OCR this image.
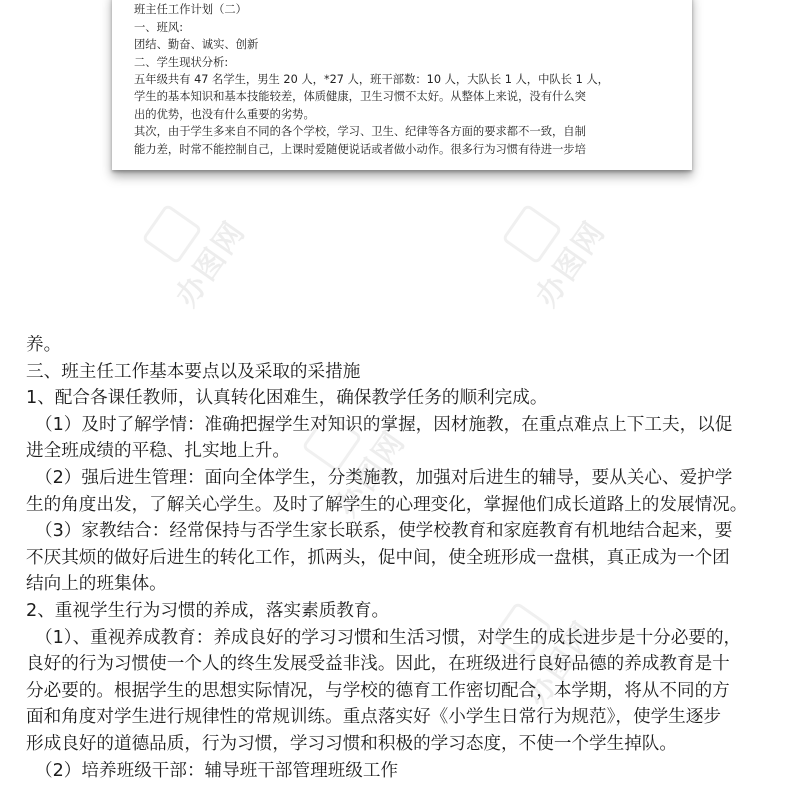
班主任工作计划（二）
一、班风:
团结、勤奋、诚实、创新
二、学生现状分析:
五年级共有 47 名学生，男生 20 人，*27 人，班干部数：10 人，大队长 1 人，中队长 1 人，
学生的基本知识和基本技能较差，体质健康，卫生习惯不太好。从整体上来说，没有什么突
出的优势，也没有什么重要的劣势。
其次，由于学生多来自不同的各个学校，学习、卫生、纪律等各方面的要求都不一致，自制
能力差，时常不能控制自己，上课时爱随便说话或者做小动作。很多行为习惯有待进一步培

养。

三、班主任工作基本要点以及采取的采措施

1、配合各课任教师，认真转化困难生，确保教学任务的顺利完成。

（1）及时了解学情：准确把握学生对知识的掌握，因材施教，在重点难点上下工夫，以促

进全班成绩的平稳、扎实地上升。

（2）强后进生管理：面向全体学生，分类施教，加强对后进生的辅导，要从关心、爱护学

生的角度出发，了解关心学生。及时了解学生的心理变化，掌握他们成长道路上的发展情况。

（3）家教结合：经常保持与否学生家长联系，使学校教育和家庭教育有机地结合起来，要

不厌其烦的做好后进生的转化工作，抓两头，促中间，使全班形成一盘棋，真正成为一个团

结向上的班集体。

2、重视学生行为习惯的养成，落实素质教育。

（1）、重视养成教育：养成良好的学习习惯和生活习惯，对学生的成长进步是十分必要的，

良好的行为习惯使一个人的终生发展受益非浅。因此，在班级进行良好品德的养成教育是十

分必要的。根据学生的思想实际情况，与学校的德育工作密切配合，本学期，将从不同的方

面和角度对学生进行规律性的常规训练。重点落实好《小学生日常行为规范》，使学生逐步

形成良好的道德品质，行为习惯，学习习惯和积极的学习态度，不使一个学生掉队。

（2）培养班级干部：辅导班干部管理班级工作

办图网	办图网
办图网
办图网
